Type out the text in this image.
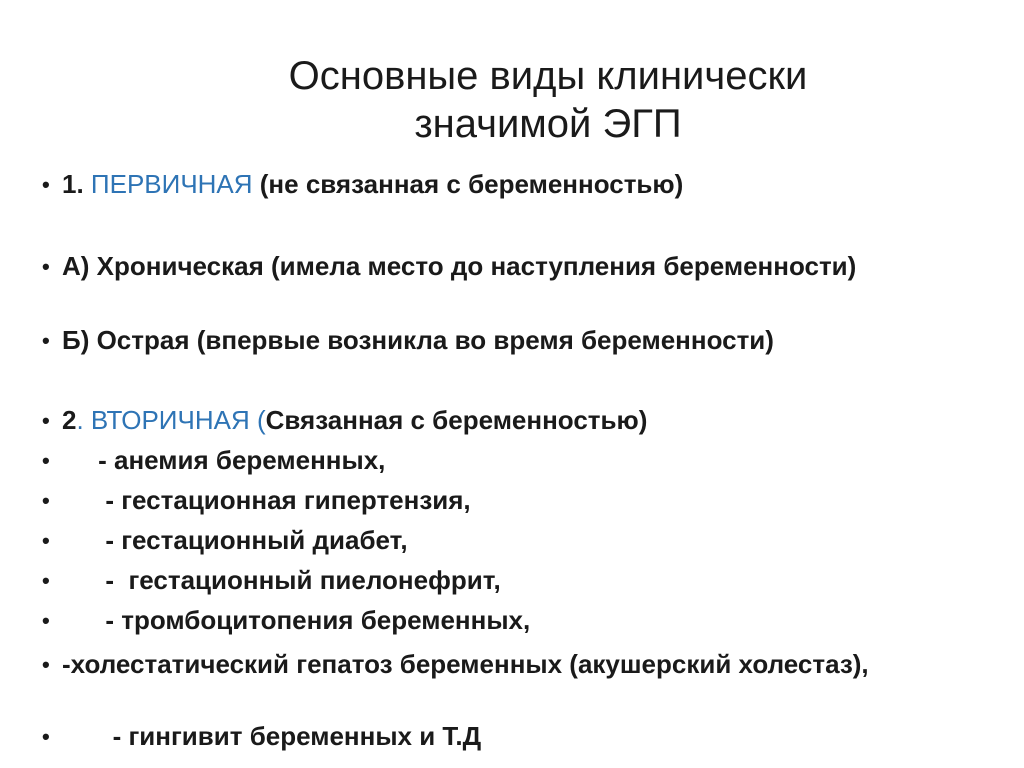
Основные виды клинически
значимой ЭГП
• 1. ПЕРВИЧНАЯ (не связанная с беременностью)
• А) Хроническая (имела место до наступления беременности)
• Б) Острая (впервые возникла во время беременности)
• 2. ВТОРИЧНАЯ (Связанная с беременностью)
• - анемия беременных,
• - гестационная гипертензия,
• - гестационный диабет,
• -  гестационный пиелонефрит,
• - тромбоцитопения беременных,
• -холестатический гепатоз беременных (акушерский холестаз),
• - гингивит беременных и Т.Д
